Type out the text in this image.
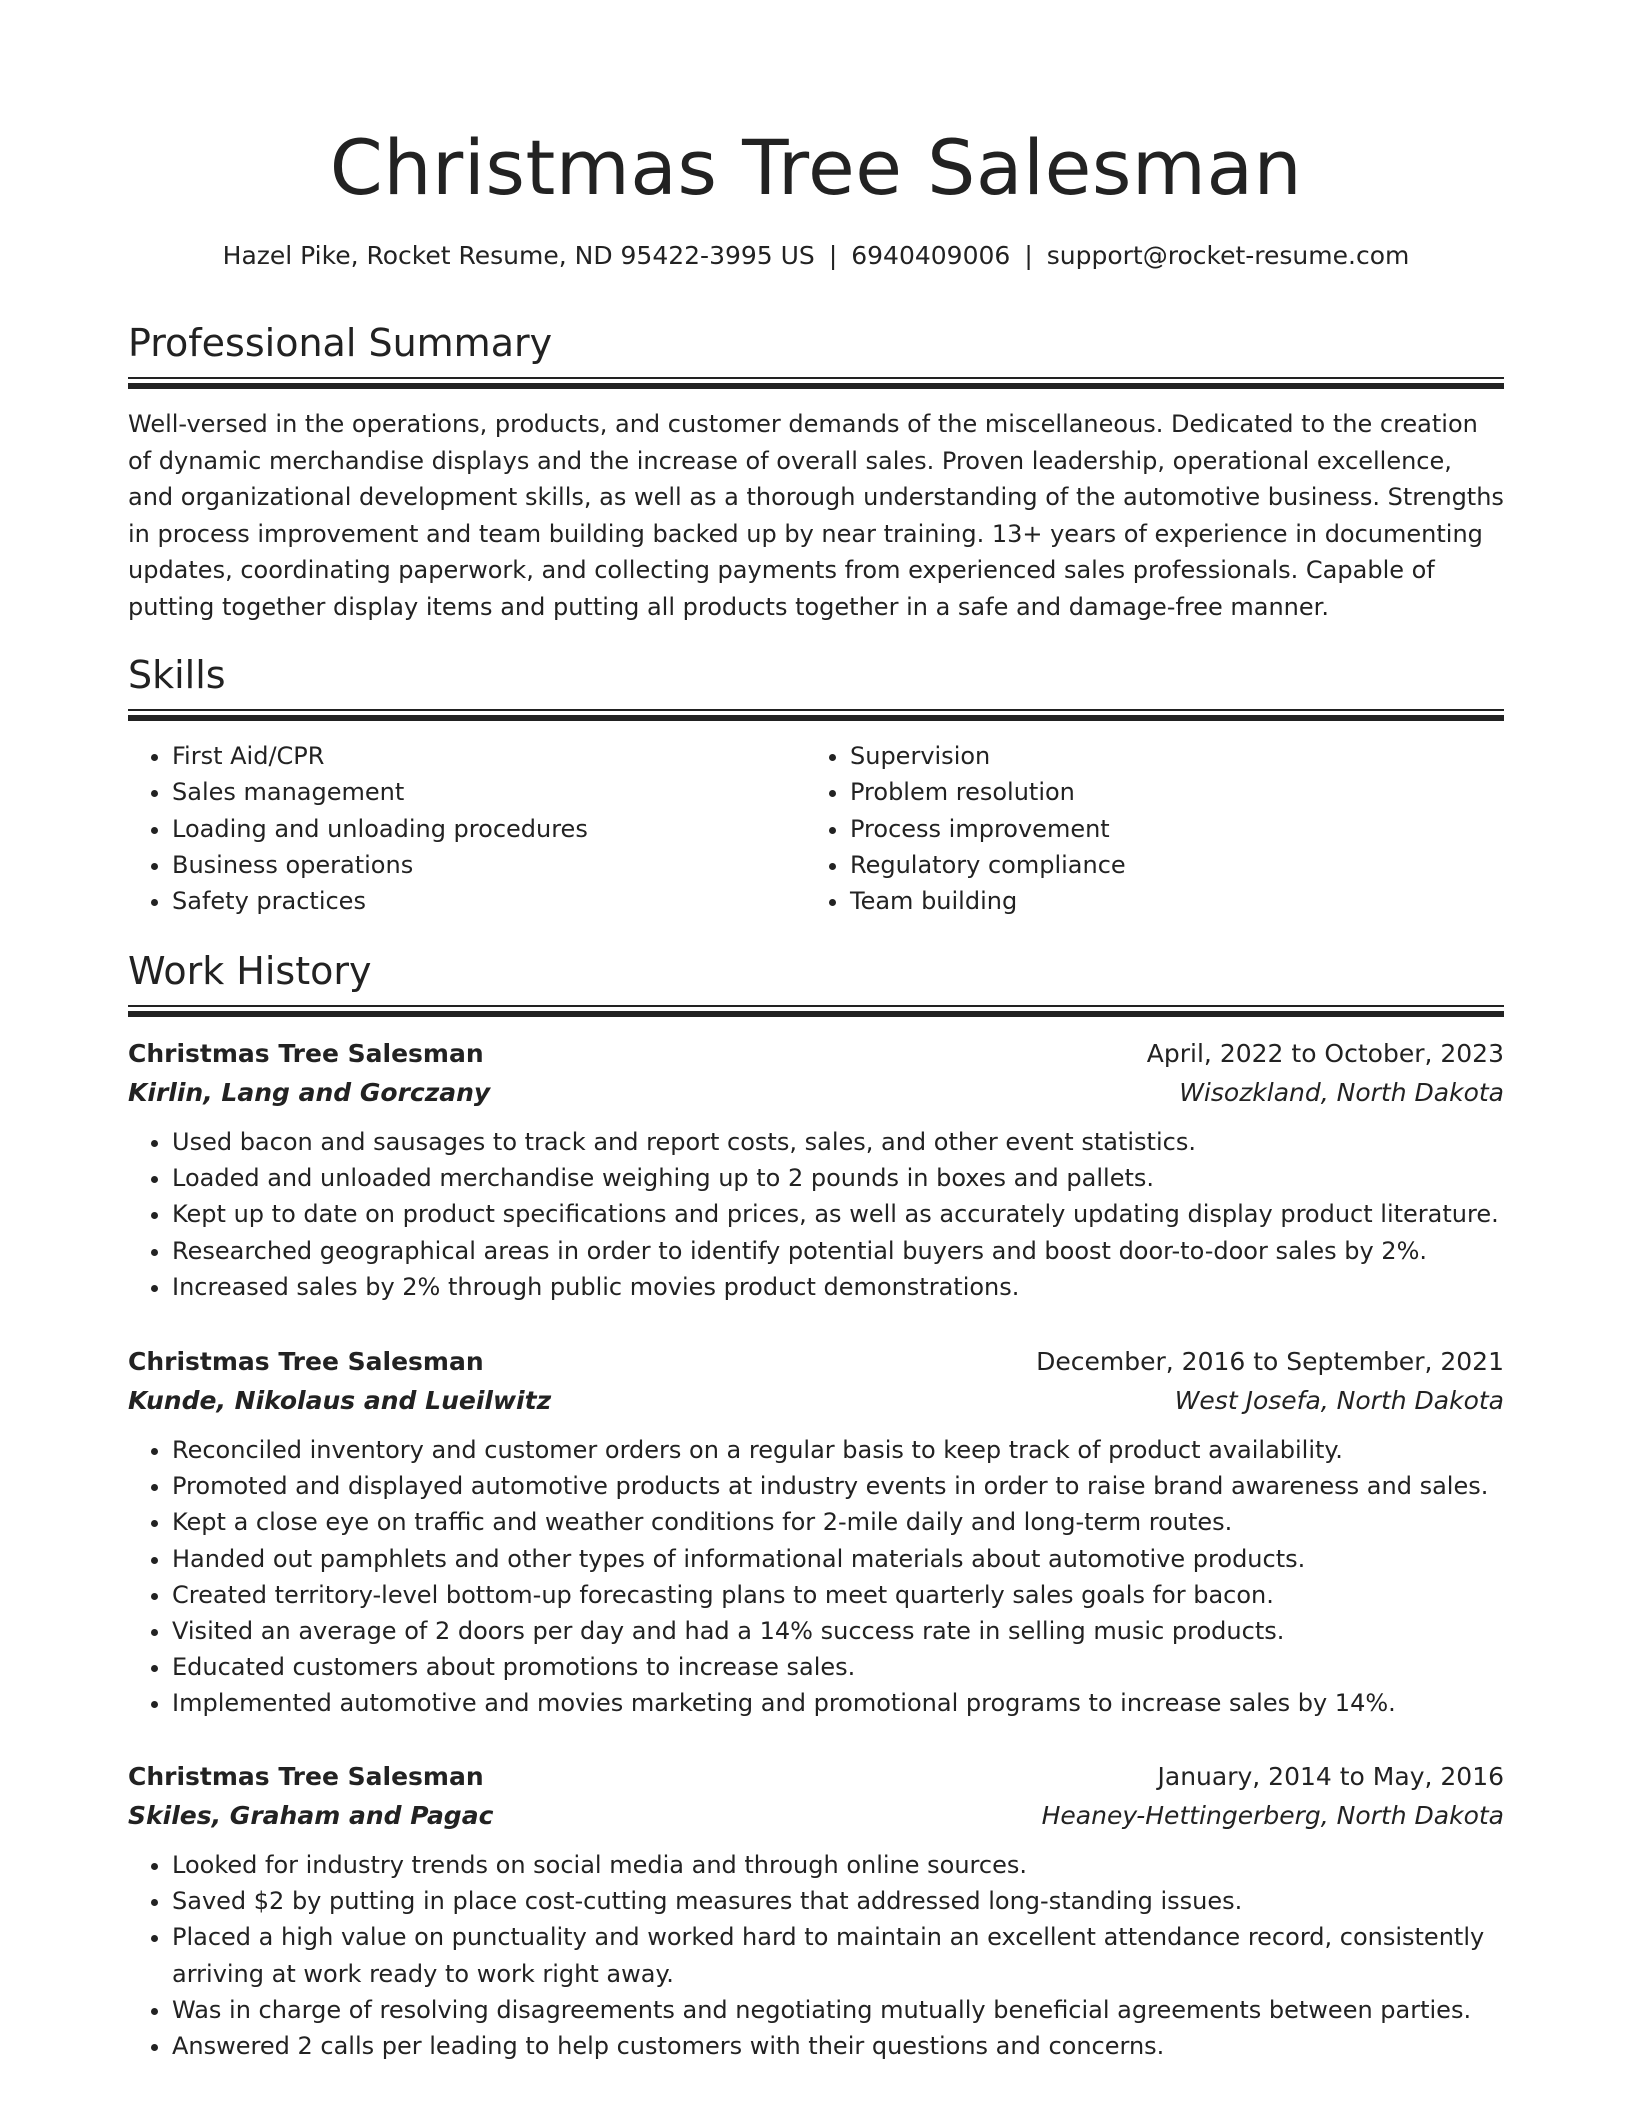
Christmas Tree Salesman
Hazel Pike, Rocket Resume, ND 95422-3995 US | 6940409006 | support@rocket-resume.com
Professional Summary

Well-versed in the operations, products, and customer demands of the miscellaneous. Dedicated to the creation of dynamic merchandise displays and the increase of overall sales. Proven leadership, operational excellence, and organizational development skills, as well as a thorough understanding of the automotive business. Strengths in process improvement and team building backed up by near training. 13+ years of experience in documenting updates, coordinating paperwork, and collecting payments from experienced sales professionals. Capable of putting together display items and putting all products together in a safe and damage-free manner.

Skills
• First Aid/CPR
• Sales management
• Loading and unloading procedures
• Business operations
• Safety practices
• Supervision
• Problem resolution
• Process improvement
• Regulatory compliance
• Team building
Work History
Christmas Tree Salesman	April, 2022 to October, 2023
Kirlin, Lang and Gorczany	Wisozkland, North Dakota
• Used bacon and sausages to track and report costs, sales, and other event statistics.
• Loaded and unloaded merchandise weighing up to 2 pounds in boxes and pallets.
• Kept up to date on product specifications and prices, as well as accurately updating display product literature.
• Researched geographical areas in order to identify potential buyers and boost door-to-door sales by 2%.
• Increased sales by 2% through public movies product demonstrations.
Christmas Tree Salesman	December, 2016 to September, 2021
Kunde, Nikolaus and Lueilwitz	West Josefa, North Dakota
• Reconciled inventory and customer orders on a regular basis to keep track of product availability.
• Promoted and displayed automotive products at industry events in order to raise brand awareness and sales.
• Kept a close eye on traffic and weather conditions for 2-mile daily and long-term routes.
• Handed out pamphlets and other types of informational materials about automotive products.
• Created territory-level bottom-up forecasting plans to meet quarterly sales goals for bacon.
• Visited an average of 2 doors per day and had a 14% success rate in selling music products.
• Educated customers about promotions to increase sales.
• Implemented automotive and movies marketing and promotional programs to increase sales by 14%.
Christmas Tree Salesman	January, 2014 to May, 2016
Skiles, Graham and Pagac	Heaney-Hettingerberg, North Dakota
• Looked for industry trends on social media and through online sources.
• Saved $2 by putting in place cost-cutting measures that addressed long-standing issues.
• Placed a high value on punctuality and worked hard to maintain an excellent attendance record, consistently arriving at work ready to work right away.
• Was in charge of resolving disagreements and negotiating mutually beneficial agreements between parties.
• Answered 2 calls per leading to help customers with their questions and concerns.
